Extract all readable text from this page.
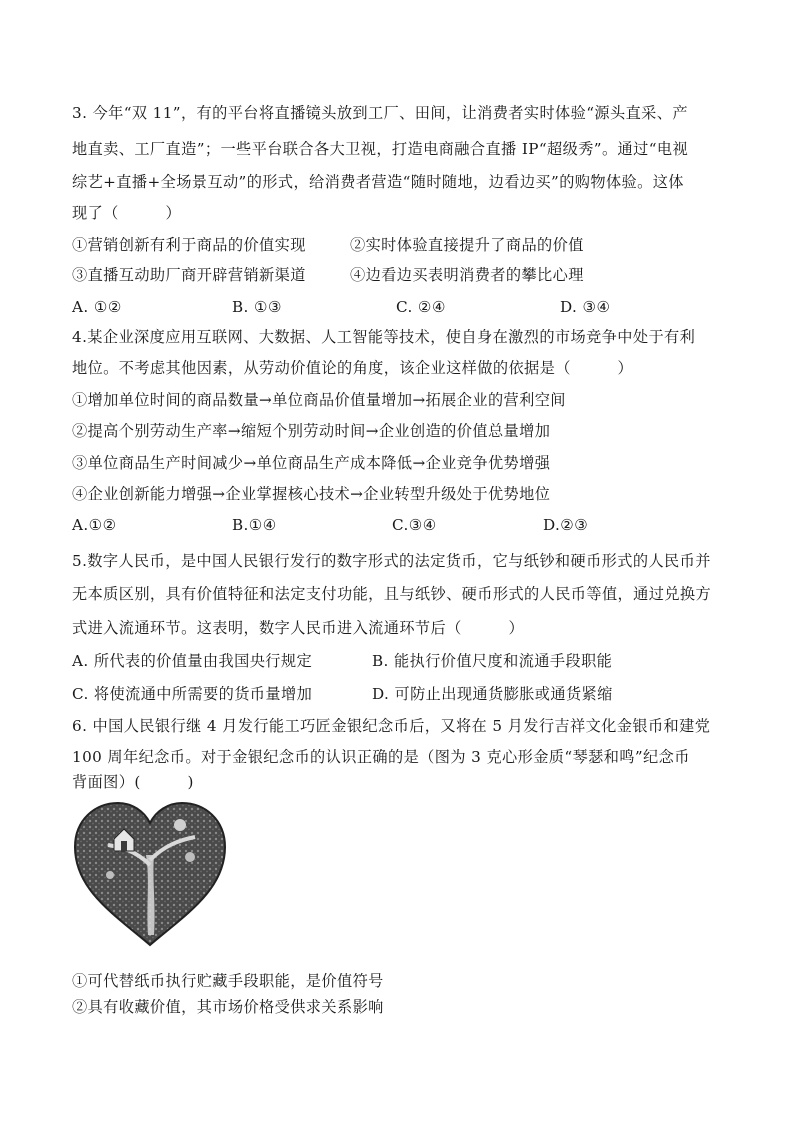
3. 今年“双 11”，有的平台将直播镜头放到工厂、田间，让消费者实时体验“源头直采、产
地直卖、工厂直造”；一些平台联合各大卫视，打造电商融合直播 IP“超级秀”。通过“电视
综艺+直播+全场景互动”的形式，给消费者营造“随时随地，边看边买”的购物体验。这体
现了（　　　）
①营销创新有利于商品的价值实现	②实时体验直接提升了商品的价值
③直播互动助厂商开辟营销新渠道	④边看边买表明消费者的攀比心理
A. ①②	B. ①③	C. ②④	D. ③④
4.某企业深度应用互联网、大数据、人工智能等技术，使自身在激烈的市场竞争中处于有利
地位。不考虑其他因素，从劳动价值论的角度，该企业这样做的依据是（　　　）
①增加单位时间的商品数量→单位商品价值量增加→拓展企业的营利空间
②提高个别劳动生产率→缩短个别劳动时间→企业创造的价值总量增加
③单位商品生产时间减少→单位商品生产成本降低→企业竞争优势增强
④企业创新能力增强→企业掌握核心技术→企业转型升级处于优势地位
A.①②	B.①④	C.③④	D.②③
5.数字人民币，是中国人民银行发行的数字形式的法定货币，它与纸钞和硬币形式的人民币并
无本质区别，具有价值特征和法定支付功能，且与纸钞、硬币形式的人民币等值，通过兑换方
式进入流通环节。这表明，数字人民币进入流通环节后（　　　）
A. 所代表的价值量由我国央行规定	B. 能执行价值尺度和流通手段职能
C. 将使流通中所需要的货币量增加	D. 可防止出现通货膨胀或通货紧缩
6. 中国人民银行继 4 月发行能工巧匠金银纪念币后，又将在 5 月发行吉祥文化金银币和建党
100 周年纪念币。对于金银纪念币的认识正确的是（图为 3 克心形金质“琴瑟和鸣”纪念币
背面图）(　　　)
①可代替纸币执行贮藏手段职能，是价值符号
②具有收藏价值，其市场价格受供求关系影响
